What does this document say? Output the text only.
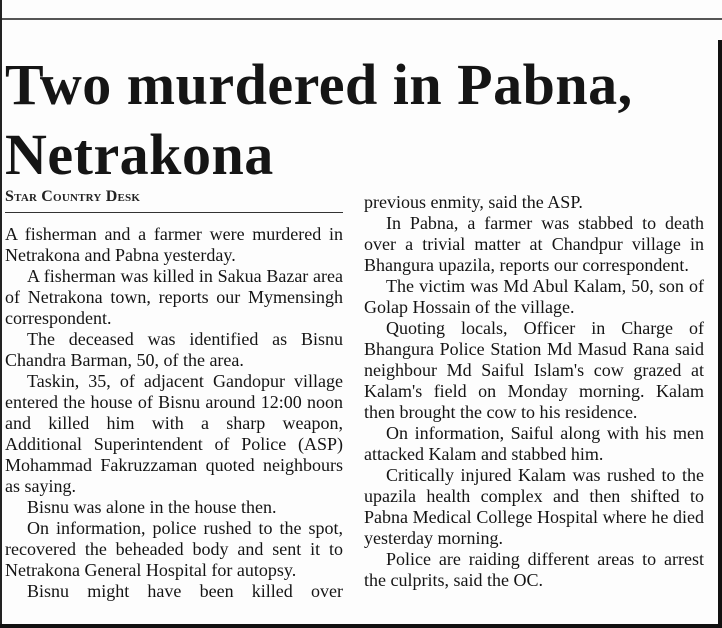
Two murdered in Pabna, Netrakona
Star Country Desk

A fisherman and a farmer were murdered in Netrakona and Pabna yesterday.

A fisherman was killed in Sakua Bazar area of Netrakona town, reports our Mymensingh correspondent.

The deceased was identified as Bisnu Chandra Barman, 50, of the area.

Taskin, 35, of adjacent Gandopur village entered the house of Bisnu around 12:00 noon and killed him with a sharp weapon, Additional Superintendent of Police (ASP) Mohammad Fakruzzaman quoted neighbours as saying.

Bisnu was alone in the house then.

On information, police rushed to the spot, recovered the beheaded body and sent it to Netrakona General Hospital for autopsy.

Bisnu might have been killed over

previous enmity, said the ASP.

In Pabna, a farmer was stabbed to death over a trivial matter at Chandpur village in Bhangura upazila, reports our correspondent.

The victim was Md Abul Kalam, 50, son of Golap Hossain of the village.

Quoting locals, Officer in Charge of Bhangura Police Station Md Masud Rana said neighbour Md Saiful Islam's cow grazed at Kalam's field on Monday morning. Kalam then brought the cow to his residence.

On information, Saiful along with his men attacked Kalam and stabbed him.

Critically injured Kalam was rushed to the upazila health complex and then shifted to Pabna Medical College Hospital where he died yesterday morning.

Police are raiding different areas to arrest the culprits, said the OC.
